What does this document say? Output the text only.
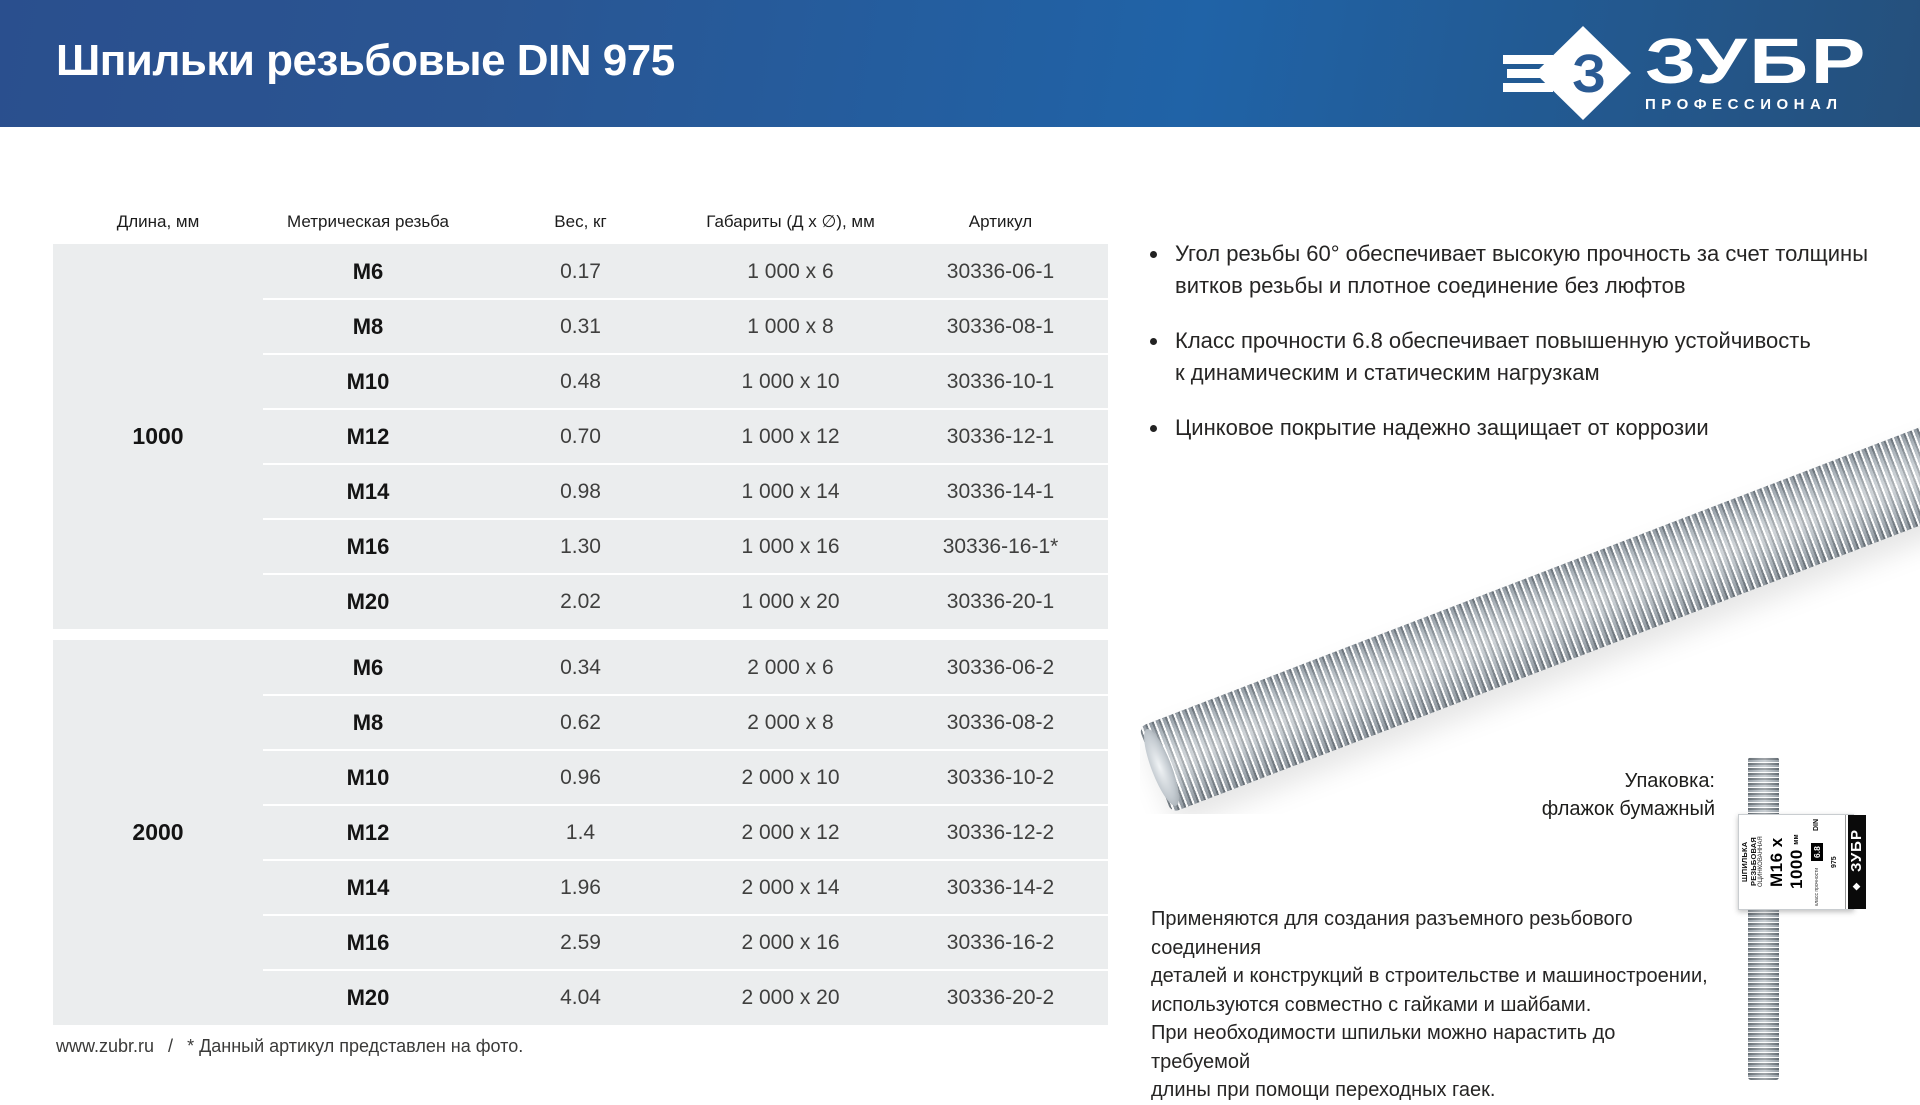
Шпильки резьбовые DIN 975	З ЗУБР
ПРОФЕССИОНАЛ
Длина, мм	Метрическая резьба	Вес, кг	Габариты (Д x ∅), мм	Артикул
1000
M6	0.17	1 000 x 6	30336-06-1
M8	0.31	1 000 x 8	30336-08-1
M10	0.48	1 000 x 10	30336-10-1
M12	0.70	1 000 x 12	30336-12-1
M14	0.98	1 000 x 14	30336-14-1
M16	1.30	1 000 x 16	30336-16-1*
M20	2.02	1 000 x 20	30336-20-1
2000
M6	0.34	2 000 x 6	30336-06-2
M8	0.62	2 000 x 8	30336-08-2
M10	0.96	2 000 x 10	30336-10-2
M12	1.4	2 000 x 12	30336-12-2
M14	1.96	2 000 x 14	30336-14-2
M16	2.59	2 000 x 16	30336-16-2
M20	4.04	2 000 x 20	30336-20-2
www.zubr.ru / * Данный артикул представлен на фото.
Угол резьбы 60° обеспечивает высокую прочность за счет толщины
витков резьбы и плотное соединение без люфтов
Класс прочности 6.8 обеспечивает повышенную устойчивость
к динамическим и статическим нагрузкам
Цинковое покрытие надежно защищает от коррозии
Упаковка:
флажок бумажный
ШПИЛЬКА РЕЗЬБОВАЯ ОЦИНКОВАННАЯ М16 x 1000 мм
класс прочности 6.8 DIN 975
◆ ЗУБР
Применяются для создания разъемного резьбового соединения
деталей и конструкций в строительстве и машиностроении,
используются совместно с гайками и шайбами.
При необходимости шпильки можно нарастить до требуемой
длины при помощи переходных гаек.
